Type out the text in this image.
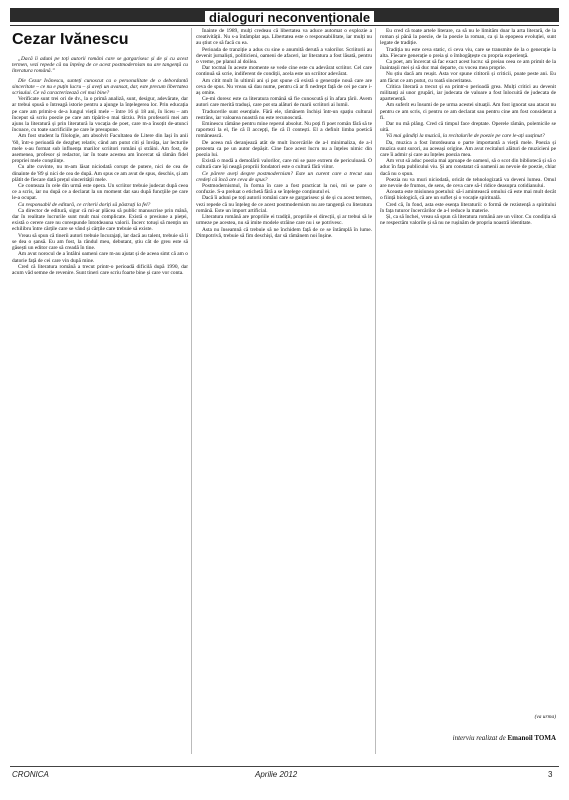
dialoguri neconvenționale
Cezar Ivănescu

„Dacă îi aduni pe toți autorii români care se gargarisesc și de și cu acest termen, vezi repede că nu înțeleg de ce acest postmodernism nu are tangență cu literatura română.”

Dle Cezar Ivănescu, sunteți cunoscut ca o personalitate de o debordantă sinceritate – ce nu e puțin lucru – și aveți un avansat, dar, este precum libertatea scrisului. Ce vă caracterizează cel mai bine?

Verificate sunt trei ori de dv., la o primă analiză, sunt, desigur, adevărate, dar ar trebui spusă o întreagă istorie pentru a ajunge la înțelegerea lor. Prin educația pe care am primit-o de-a lungul vieții mele – între 16 și 18 ani, în liceu – am început să scriu poezie pe care am tipărit-o mai târziu. Prin profesorii mei am ajuns la literatură și prin literatură la vocația de poet, care m-a însoțit de-atunci încoace, cu toate sacrificiile pe care le presupune.

Am fost student la filologie, am absolvit Facultatea de Litere din Iași în anii '60, într-o perioadă de dezgheț relativ, când am putut citi și învăța, iar lecturile mele s-au format sub influența marilor scriitori români și străini. Am fost, de asemenea, profesor și redactor, iar în toate acestea am încercat să rămân fidel propriei mele conștiințe.

Cu alte cuvinte, nu m-am lăsat niciodată corupt de putere, nici de cea de dinainte de '89 și nici de cea de după. Am spus ce am avut de spus, deschis, și am plătit de fiecare dată prețul sincerității mele.

Ce conteaza în cele din urmă este opera. Un scriitor trebuie judecat după ceea ce a scris, iar nu după ce a declarat la un moment dat sau după funcțiile pe care le-a ocupat.

Ca responsabil de editură, ce criterii doriți să păstrați la fel?

Ca director de editură, sigur că mi-ar plăcea să public manuscrise prin mână, dar în realitate lucrurile sunt mult mai complicate. Există o presiune a pieței, există o cerere care nu corespunde întotdeauna valorii. Încerc totuși să mențin un echilibru între cărțile care se vând și cărțile care trebuie să existe.

Vreau să spun că tinerii autori trebuie încurajați, iar dacă au talent, trebuie să li se dea o șansă. Eu am fost, la rândul meu, debutant, știu cât de greu este să găsești un editor care să creadă în tine.

Am avut norocul de a întâlni oameni care m-au ajutat și de aceea simt că am o datorie față de cei care vin după mine.

Cred că literatura română a trecut printr-o perioadă dificilă după 1990, dar acum văd semne de revenire. Sunt tineri care scriu foarte bine și care vor conta.

Înainte de 1989, mulți credeau că libertatea va aduce automat o explozie a creativității. Nu s-a întâmplat așa. Libertatea este o responsabilitate, iar mulți nu au știut ce să facă cu ea.

Perioada de tranziție a adus cu sine o anumită derută a valorilor. Scriitorii au devenit jurnaliști, politicieni, oameni de afaceri, iar literatura a fost lăsată, pentru o vreme, pe planul al doilea.

Dar tocmai în aceste momente se vede cine este cu adevărat scriitor. Cel care continuă să scrie, indiferent de condiții, acela este un scriitor adevărat.

Am citit mult în ultimii ani și pot spune că există o generație nouă care are ceva de spus. Nu vreau să dau nume, pentru că ar fi nedrept față de cei pe care i-aș omite.

Ce-mi doresc este ca literatura română să fie cunoscută și în afara țării. Avem autori care merită traduși, care pot sta alături de marii scriitori ai lumii.

Traducerile sunt esențiale. Fără ele, rămânem închiși într-un spațiu cultural restrâns, iar valoarea noastră nu este recunoscută.

Eminescu rămâne pentru mine reperul absolut. Nu poți fi poet român fără să te raportezi la el, fie că îl accepți, fie că îl contești. El a definit limba poetică românească.

De aceea mă deranjează atât de mult încercările de a-l minimaliza, de a-l prezenta ca pe un autor depășit. Cine face acest lucru nu a înțeles nimic din poezia lui.

Există o modă a demolării valorilor, care mi se pare extrem de periculoasă. O cultură care își neagă propriii fondatori este o cultură fără viitor.

Ce părere aveți despre postmodernism? Este un curent care a trecut sau credeți că încă are ceva de spus?

Postmodernismul, în forma în care a fost practicat la noi, mi se pare o confuzie. S-a preluat o etichetă fără a se înțelege conținutul ei.

Dacă îi aduni pe toți autorii români care se gargarisesc și de și cu acest termen, vezi repede că nu înțeleg de ce acest postmodernism nu are tangență cu literatura română. Este un import artificial.

Literatura română are propriile ei tradiții, propriile ei direcții, și ar trebui să le urmeze pe acestea, nu să imite modele străine care nu i se potrivesc.

Asta nu înseamnă că trebuie să ne închidem față de ce se întâmplă în lume. Dimpotrivă, trebuie să fim deschiși, dar să rămânem noi înșine.

Eu cred că toate artele literare, ca să nu le limităm doar la arta literară, de la roman și până la poezie, de la poezie la roman, ca și la epopeea evoluției, sunt legate de tradiție.

Tradiția nu este ceva static, ci ceva viu, care se transmite de la o generație la alta. Fiecare generație o preia și o îmbogățește cu propria experiență.

Ca poet, am încercat să fac exact acest lucru: să preiau ceea ce am primit de la înaintașii mei și să duc mai departe, cu vocea mea proprie.

Nu știu dacă am reușit. Asta vor spune cititorii și criticii, poate peste ani. Eu am făcut ce am putut, cu toată sinceritatea.

Critica literară a trecut și ea printr-o perioadă grea. Mulți critici au devenit militanți ai unor grupări, iar judecata de valoare a fost înlocuită de judecata de apartenență.

Am suferit eu însumi de pe urma acestei situații. Am fost ignorat sau atacat nu pentru ce am scris, ci pentru ce am declarat sau pentru cine am fost considerat a fi.

Dar nu mă plâng. Cred că timpul face dreptate. Operele rămân, polemicile se uită.

Vă mai gândiți la muzică, la recitalurile de poezie pe care le-ați susținut?

Da, muzica a fost întotdeauna o parte importantă a vieții mele. Poezia și muzica sunt surori, au aceeași origine. Am avut recitaluri alături de muzicieni pe care îi admir și care au înțeles poezia mea.

Am vrut să aduc poezia mai aproape de oameni, să o scot din bibliotecă și să o aduc în fața publicului viu. Și am constatat că oamenii au nevoie de poezie, chiar dacă nu o spun.

Poezia nu va muri niciodată, oricât de tehnologizată va deveni lumea. Omul are nevoie de frumos, de sens, de ceva care să-l ridice deasupra cotidianului.

Aceasta este misiunea poetului: să-i amintească omului că este mai mult decât o ființă biologică, că are un suflet și o vocație spirituală.

Cred că, în fond, asta este esența literaturii: o formă de rezistență a spiritului în fața tuturor încercărilor de a-l reduce la materie.

Și, ca să închei, vreau să spun că literatura română are un viitor. Cu condiția să ne respectăm valorile și să nu ne rușinăm de propria noastră identitate.

(va urma)
interviu realizat de Emanoil TOMA
CRONICA	Aprilie 2012	3
